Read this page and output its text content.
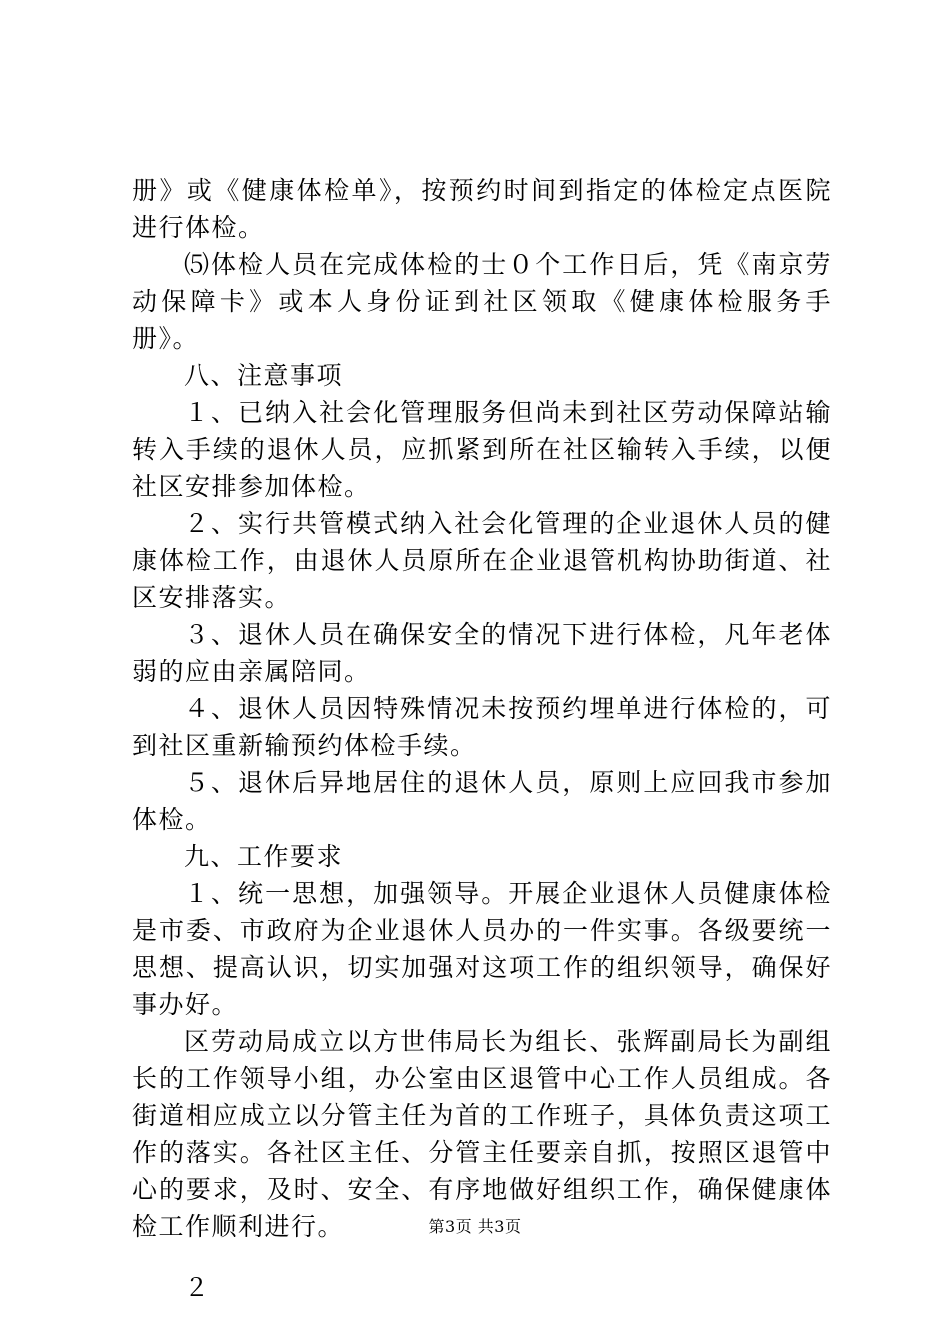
册》或《健康体检单》，按预约时间到指定的体检定点医院进行体检。

⑸体检人员在完成体检的士０个工作日后，凭《南京劳动保障卡》或本人身份证到社区领取《健康体检服务手册》。

八、注意事项

１、已纳入社会化管理服务但尚未到社区劳动保障站输转入手续的退休人员，应抓紧到所在社区输转入手续，以便社区安排参加体检。

２、实行共管模式纳入社会化管理的企业退休人员的健康体检工作，由退休人员原所在企业退管机构协助街道、社区安排落实。

３、退休人员在确保安全的情况下进行体检，凡年老体弱的应由亲属陪同。

４、退休人员因特殊情况未按预约埋单进行体检的，可到社区重新输预约体检手续。

５、退休后异地居住的退休人员，原则上应回我市参加体检。

九、工作要求

１、统一思想，加强领导。开展企业退休人员健康体检是市委、市政府为企业退休人员办的一件实事。各级要统一思想、提高认识，切实加强对这项工作的组织领导，确保好事办好。

区劳动局成立以方世伟局长为组长、张辉副局长为副组长的工作领导小组，办公室由区退管中心工作人员组成。各街道相应成立以分管主任为首的工作班子，具体负责这项工作的落实。各社区主任、分管主任要亲自抓，按照区退管中心的要求，及时、安全、有序地做好组织工作，确保健康体检工作顺利进行。

２

第3页 共3页
